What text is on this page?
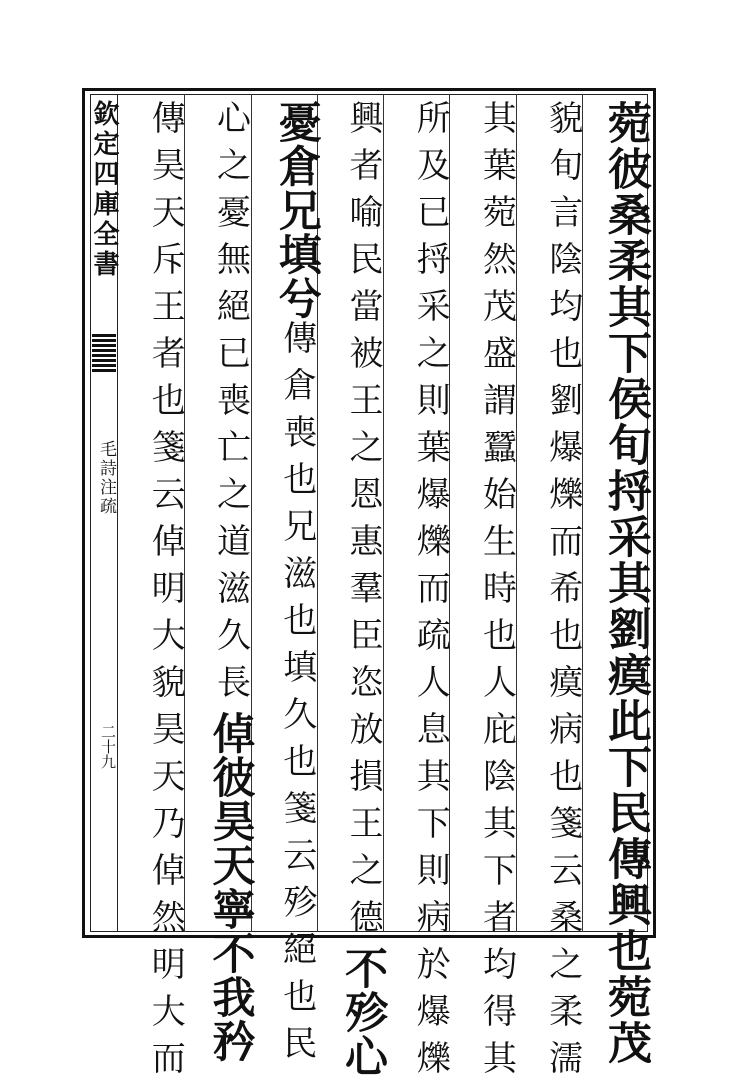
欽定四庫全書
毛詩注疏
二十九	菀彼桑柔其下侯旬捋采其劉瘼此下民傳興也菀茂
貌旬言陰均也劉爆爍而希也瘼病也箋云桑之柔濡
其葉菀然茂盛謂蠶始生時也人庇陰其下者均得其
所及已捋采之則葉爆爍而疏人息其下則病於爆爍
興者喻民當被王之恩惠羣臣恣放損王之德不殄心
憂倉兄填兮傳倉喪也兄滋也填久也箋云殄絕也民
心之憂無絕已喪亡之道滋久長倬彼昊天寧不我矜
傳昊天斥王者也箋云倬明大貌昊天乃倬然明大而
